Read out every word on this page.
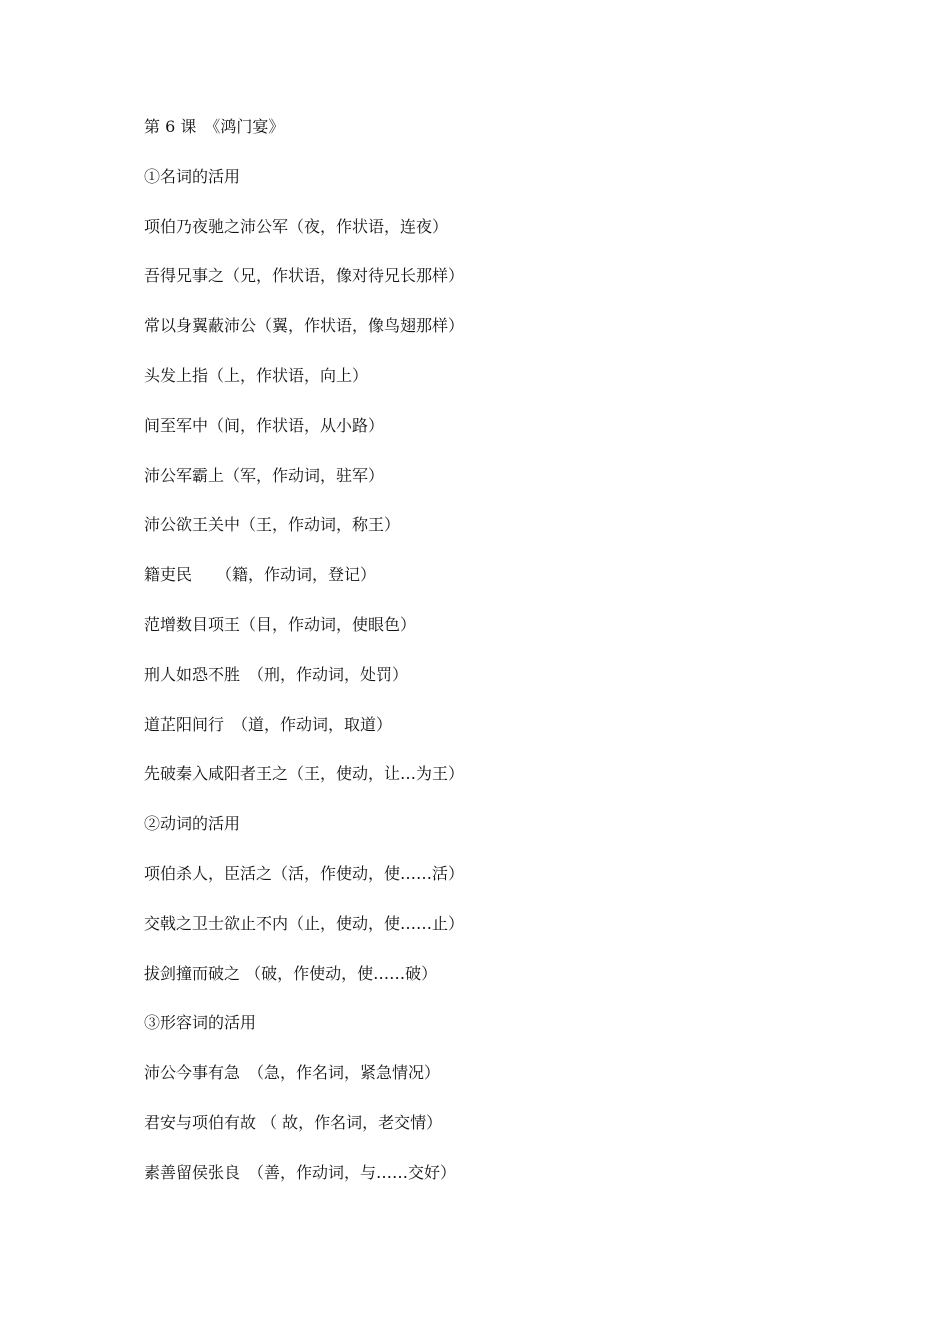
第 6 课　《鸿门宴》

①名词的活用

项伯乃夜驰之沛公军（夜，作状语，连夜）

吾得兄事之（兄，作状语，像对待兄长那样）

常以身翼蔽沛公（翼，作状语，像鸟翅那样）

头发上指（上，作状语，向上）

间至军中（间，作状语，从小路）

沛公军霸上（军，作动词，驻军）

沛公欲王关中（王，作动词，称王）

籍吏民　　（籍，作动词，登记）

范增数目项王（目，作动词，使眼色）

刑人如恐不胜　（刑，作动词，处罚）

道芷阳间行　（道，作动词，取道）

先破秦入咸阳者王之（王，使动，让…为王）

②动词的活用

项伯杀人，臣活之（活，作使动，使……活）

交戟之卫士欲止不内（止，使动，使……止）

拔剑撞而破之 （破，作使动，使……破）

③形容词的活用

沛公今事有急　（急，作名词，紧急情况）

君安与项伯有故 （ 故，作名词，老交情）

素善留侯张良　（善，作动词，与……交好）
